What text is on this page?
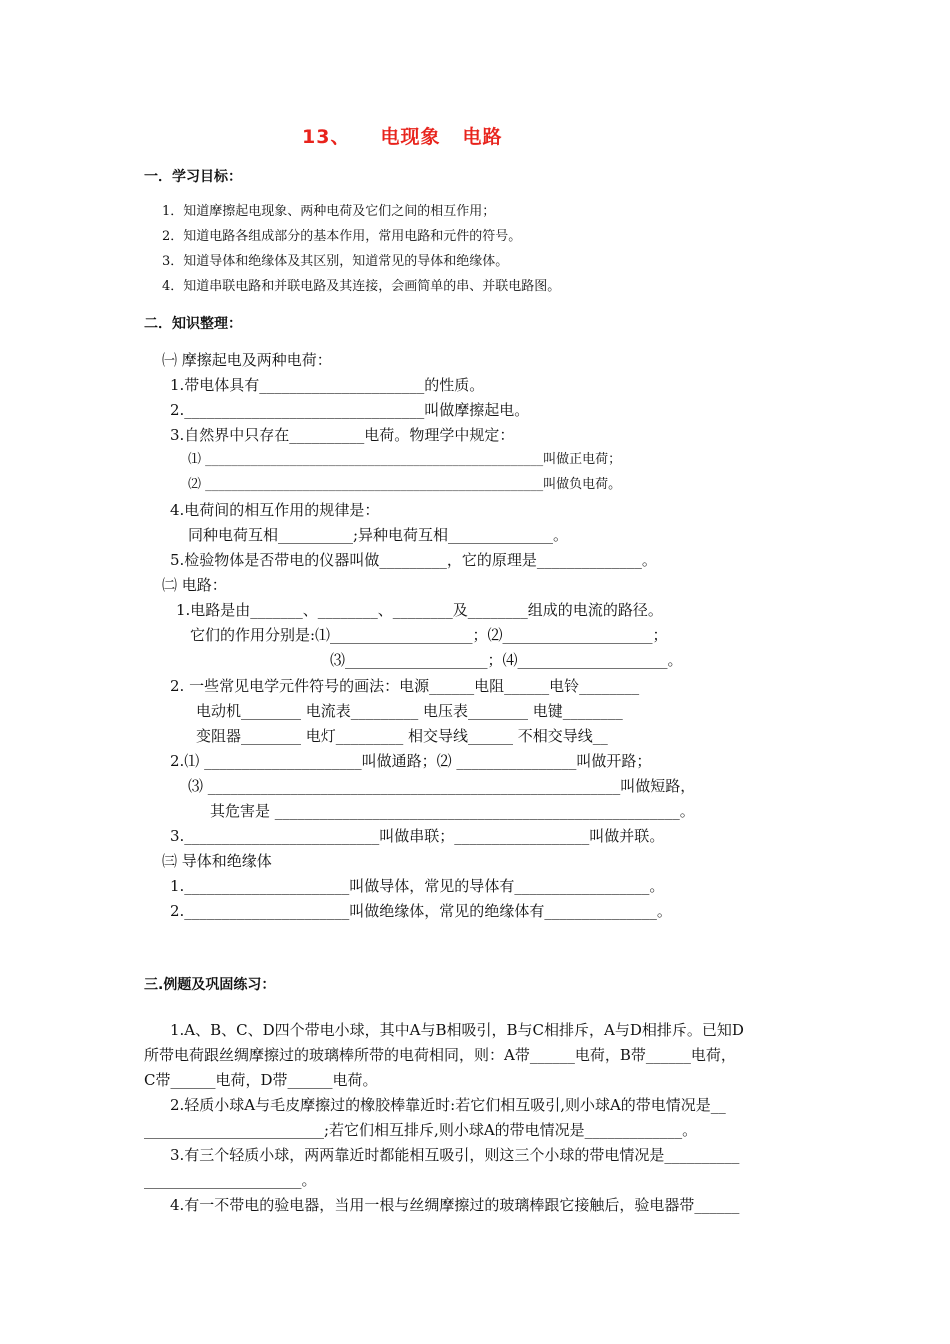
13、 电现象 电路
一．学习目标：
1．知道摩擦起电现象、两种电荷及它们之间的相互作用；
2．知道电路各组成部分的基本作用，常用电路和元件的符号。
3．知道导体和绝缘体及其区别，知道常见的导体和绝缘体。
4．知道串联电路和并联电路及其连接，会画简单的串、并联电路图。
二．知识整理：
㈠ 摩擦起电及两种电荷：
1.带电体具有______________________的性质。
2.________________________________叫做摩擦起电。
3.自然界中只存在__________电荷。物理学中规定：
⑴ ____________________________________________________叫做正电荷；
⑵ ____________________________________________________叫做负电荷。
4.电荷间的相互作用的规律是：
同种电荷互相__________;异种电荷互相______________。
5.检验物体是否带电的仪器叫做_________，它的原理是______________。
㈡ 电路：
1.电路是由_______、________、________及________组成的电流的路径。
它们的作用分别是:⑴___________________；⑵____________________；
⑶___________________；⑷____________________。
2. 一些常见电学元件符号的画法：电源______电阻______电铃________
电动机________ 电流表_________ 电压表________ 电键________
变阻器________ 电灯_________ 相交导线______ 不相交导线__
2.⑴ _____________________叫做通路；⑵ ________________叫做开路；
⑶ _______________________________________________________叫做短路，
其危害是 ______________________________________________________。
3.__________________________叫做串联；__________________叫做并联。
㈢ 导体和绝缘体
1.______________________叫做导体，常见的导体有__________________。
2.______________________叫做绝缘体，常见的绝缘体有_______________。
三.例题及巩固练习：
1.A、B、C、D四个带电小球，其中A与B相吸引，B与C相排斥，A与D相排斥。已知D
所带电荷跟丝绸摩擦过的玻璃棒所带的电荷相同，则：A带______电荷，B带______电荷，
C带______电荷，D带______电荷。
2.轻质小球A与毛皮摩擦过的橡胶棒靠近时:若它们相互吸引,则小球A的带电情况是__
________________________;若它们相互排斥,则小球A的带电情况是_____________。
3.有三个轻质小球，两两靠近时都能相互吸引，则这三个小球的带电情况是__________
_____________________。
4.有一不带电的验电器，当用一根与丝绸摩擦过的玻璃棒跟它接触后，验电器带______
